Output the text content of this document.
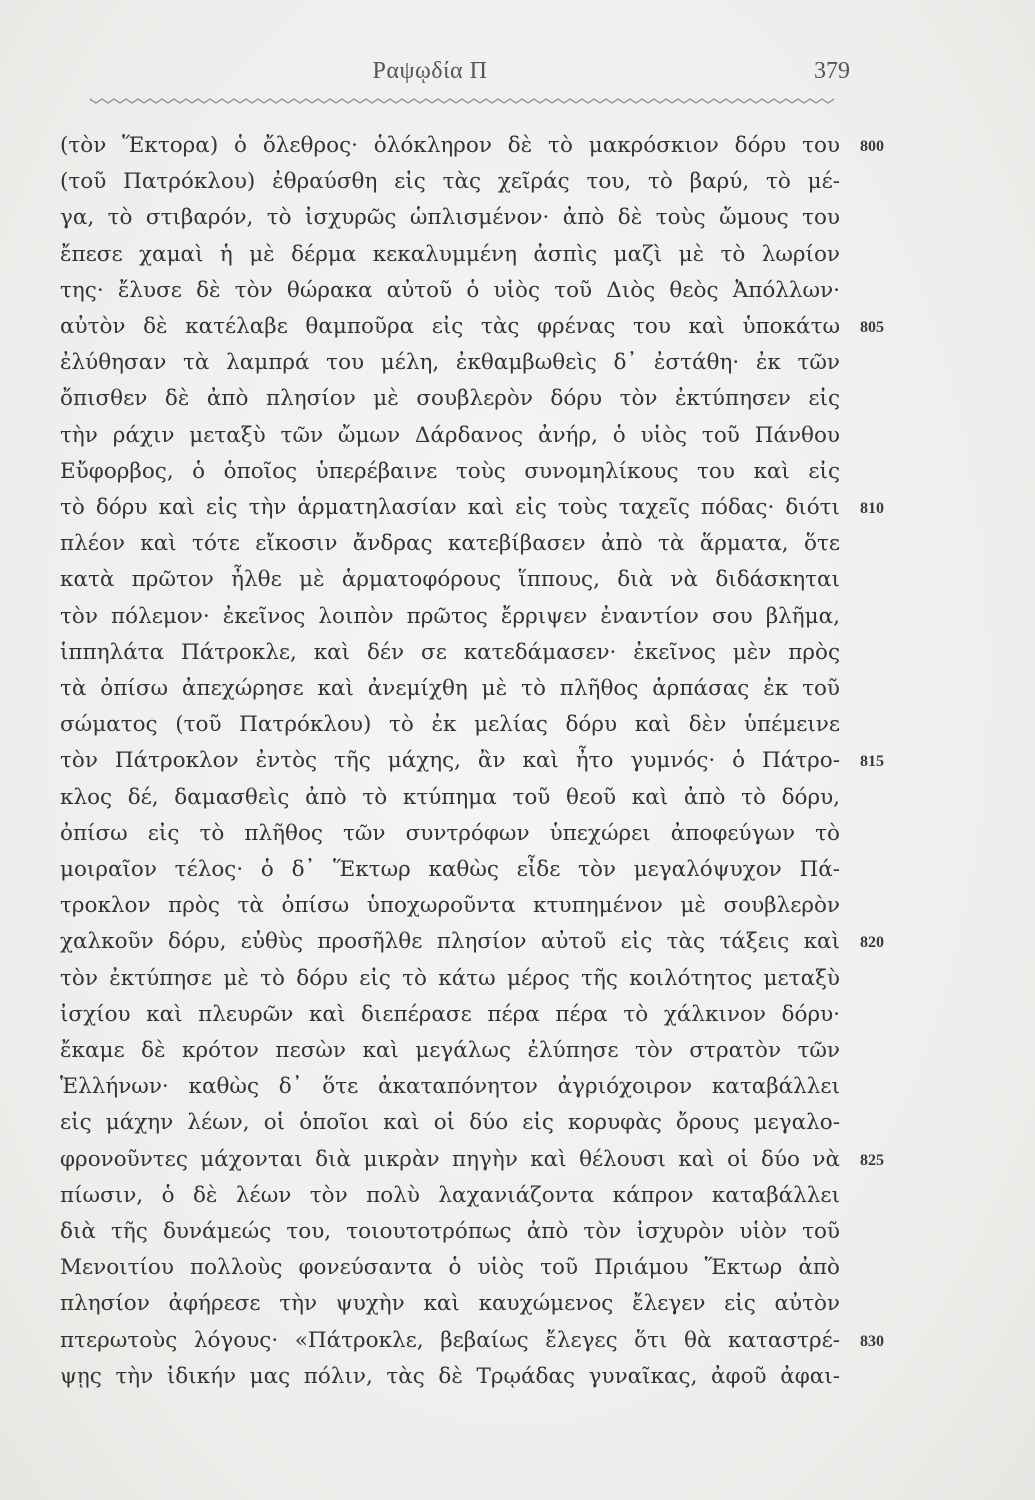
Ραψῳδία Π	379
(τὸν Ἕκτορα) ὁ ὄλεθρος· ὁλόκληρον δὲ τὸ μακρόσκιον δόρυ του
(τοῦ Πατρόκλου) ἐθραύσθη εἰς τὰς χεῖράς του, τὸ βαρύ, τὸ μέ-
γα, τὸ στιβαρόν, τὸ ἰσχυρῶς ὡπλισμένον· ἀπὸ δὲ τοὺς ὤμους του
ἔπεσε χαμαὶ ἡ μὲ δέρμα κεκαλυμμένη ἀσπὶς μαζὶ μὲ τὸ λωρίον
της· ἔλυσε δὲ τὸν θώρακα αὐτοῦ ὁ υἱὸς τοῦ Διὸς θεὸς Ἀπόλλων·
αὐτὸν δὲ κατέλαβε θαμποῦρα εἰς τὰς φρένας του καὶ ὑποκάτω
ἐλύθησαν τὰ λαμπρά του μέλη, ἐκθαμβωθεὶς δ᾽ ἐστάθη· ἐκ τῶν
ὄπισθεν δὲ ἀπὸ πλησίον μὲ σουβλερὸν δόρυ τὸν ἐκτύπησεν εἰς
τὴν ράχιν μεταξὺ τῶν ὤμων Δάρδανος ἀνήρ, ὁ υἱὸς τοῦ Πάνθου
Εὔφορβος, ὁ ὁποῖος ὑπερέβαινε τοὺς συνομηλίκους του καὶ εἰς
τὸ δόρυ καὶ εἰς τὴν ἁρματηλασίαν καὶ εἰς τοὺς ταχεῖς πόδας· διότι
πλέον καὶ τότε εἴκοσιν ἄνδρας κατεβίβασεν ἀπὸ τὰ ἅρματα, ὅτε
κατὰ πρῶτον ἦλθε μὲ ἁρματοφόρους ἵππους, διὰ νὰ διδάσκηται
τὸν πόλεμον· ἐκεῖνος λοιπὸν πρῶτος ἔρριψεν ἐναντίον σου βλῆμα,
ἱππηλάτα Πάτροκλε, καὶ δέν σε κατεδάμασεν· ἐκεῖνος μὲν πρὸς
τὰ ὀπίσω ἀπεχώρησε καὶ ἀνεμίχθη μὲ τὸ πλῆθος ἁρπάσας ἐκ τοῦ
σώματος (τοῦ Πατρόκλου) τὸ ἐκ μελίας δόρυ καὶ δὲν ὑπέμεινε
τὸν Πάτροκλον ἐντὸς τῆς μάχης, ἂν καὶ ἦτο γυμνός· ὁ Πάτρο-
κλος δέ, δαμασθεὶς ἀπὸ τὸ κτύπημα τοῦ θεοῦ καὶ ἀπὸ τὸ δόρυ,
ὀπίσω εἰς τὸ πλῆθος τῶν συντρόφων ὑπεχώρει ἀποφεύγων τὸ
μοιραῖον τέλος· ὁ δ᾽ Ἕκτωρ καθὼς εἶδε τὸν μεγαλόψυχον Πά-
τροκλον πρὸς τὰ ὀπίσω ὑποχωροῦντα κτυπημένον μὲ σουβλερὸν
χαλκοῦν δόρυ, εὐθὺς προσῆλθε πλησίον αὐτοῦ εἰς τὰς τάξεις καὶ
τὸν ἐκτύπησε μὲ τὸ δόρυ εἰς τὸ κάτω μέρος τῆς κοιλότητος μεταξὺ
ἰσχίου καὶ πλευρῶν καὶ διεπέρασε πέρα πέρα τὸ χάλκινον δόρυ·
ἔκαμε δὲ κρότον πεσὼν καὶ μεγάλως ἐλύπησε τὸν στρατὸν τῶν
Ἑλλήνων· καθὼς δ᾽ ὅτε ἀκαταπόνητον ἀγριόχοιρον καταβάλλει
εἰς μάχην λέων, οἱ ὁποῖοι καὶ οἱ δύο εἰς κορυφὰς ὄρους μεγαλο-
φρονοῦντες μάχονται διὰ μικρὰν πηγὴν καὶ θέλουσι καὶ οἱ δύο νὰ
πίωσιν, ὁ δὲ λέων τὸν πολὺ λαχανιάζοντα κάπρον καταβάλλει
διὰ τῆς δυνάμεώς του, τοιουτοτρόπως ἀπὸ τὸν ἰσχυρὸν υἱὸν τοῦ
Μενοιτίου πολλοὺς φονεύσαντα ὁ υἱὸς τοῦ Πριάμου Ἕκτωρ ἀπὸ
πλησίον ἀφήρεσε τὴν ψυχὴν καὶ καυχώμενος ἔλεγεν εἰς αὐτὸν
πτερωτοὺς λόγους· «Πάτροκλε, βεβαίως ἔλεγες ὅτι θὰ καταστρέ-
ψῃς τὴν ἰδικήν μας πόλιν, τὰς δὲ Τρῳάδας γυναῖκας, ἀφοῦ ἀφαι-
800
805
810
815
820
825
830
